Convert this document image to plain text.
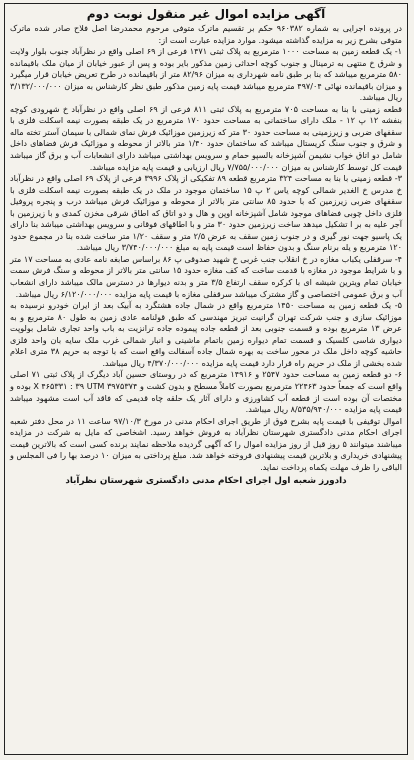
آگهی مزایده اموال غیر منقول نوبت دوم

در پرونده اجرایی به شماره ۹۶۰۳۸۲ حکم بر تقسیم ماترک متوفی مرحوم محمدرضا اصل فلاح صادر شده ماترک متوفی بشرح زیر به مزایده گذاشته میشود. موارد مزایده عبارت است از:

۱- یک قطعه زمین به مساحت ۱۰۰۰ مترمربع به پلاک ثبتی ۱۴۷۱ فرعی از ۶۹ اصلی واقع در نظرآباد جنوب بلوار ولایت و شرق خ منتهی به ترمینال و جنوب کوچه احداثی زمین مذکور بایر بوده و پس از عبور خیابان از میان ملک باقیمانده ۵۸۰ مترمربع میباشد که بنا بر طبق نامه شهرداری به میزان ۸۲/۹۶ متر از باقیمانده در طرح تعریض خیابان قرار میگیرد و میزان باقیمانده نهائی ۴۹۷/۰۴ مترمربع میباشد قیمت پایه زمین مذکور طبق نظر کارشناس به میزان ۳/۱۳۲/۰۰۰/۰۰۰ ریال میباشد.

قطعه زمینی با بنا به مساحت ۷۰۵ مترمربع به پلاک ثبتی ۸۱۱ فرعی از ۶۹ اصلی واقع در نظرآباد خ شهرودی کوچه بنفشه ۱۲ پ ۱۲ - ملک دارای ساختمانی به مساحت حدود ۱۷۰ مترمربع در یک طبقه بصورت نیمه اسکلت فلزی با سقفهای ضربی و زیرزمینی به مساحت حدود ۳۰ متر که زیرزمین موزائیک فرش نمای شمالی با سیمان آستر تخته ماله و شرق و جنوب سنگ کریستال میباشد که ساختمان حدود ۱/۴۰ متر بالاتر از محوطه و موزائیک فرش فضاهای داخل شامل دو اتاق خواب نشیمن آشپزخانه بالسپو حمام و سرویس بهداشتی میباشد دارای انشعابات آب و برق گاز میباشد قیمت کل توسط کارشناس به میزان ۷/۷۵۵/۰۰۰/۰۰۰ ریال ارزیابی و قیمت پایه مزایده میباشد.

۳- قطعه زمینی با بنا به مساحت ۳۲۴ مترمربع قطعه ۸۹ تفکیکی از پلاک ۳۹۹۶ فرعی از پلاک ۶۹ اصلی واقع در نظرآباد خ مدرس خ الغدیر شمالی کوچه یاس ۲ پ ۱۵ ساختمان موجود در ملک در یک طبقه بصورت نیمه اسکلت فلزی با سقفهای ضربی زیرزمین که با حدود ۸۵ سانتی متر بالاتر از محوطه و موزائیک فرش میباشد درب و پنجره پروفیل فلزی داخل چوبی فضاهای موجود شامل آشپزخانه اوپن و هال و دو اتاق که اطاق شرقی مخزن کمدی و با زیرزمین با آجر علیه به بر ا تشکیل میدهد ساخت زیرزمین حدود ۳۰ متر و با اطاقهای فوقانی و سرویس بهداشتی میباشد بنا دارای یک پاسیو جهت نور گیری و در جنوب زمین سقف به عرض ۲/۵ متر و سقف ۱/۲۰ متر ساخت شده بنا در مجموع حدود ۱۲۰ مترمربع و یله برنام سنگ و بدون حفاظ است قیمت پایه به مبلغ ۳/۷۴۰/۰۰۰/۰۰۰ ریال میباشد.

۴- سرقفلی یکباب مغازه در خ انقلاب جنب غربی خ شهید صدوقی پ ۸۶ براساس صابغه نامه عادی به مساحت ۱۷ متر و با شرایط موجود در مغازه با قدمت ساخت که کف مغازه حدود ۱۵ سانتی متر بالاتر از محوطه و سنگ فرش سمت خیابان تمام ویترین شیشه ای با کرکره سقف ارتفاع ۳/۵ متر و بدنه دیوارها در دسترس مالک میباشد دارای انشعاب آب و برق عمومی اختصاصی و گاز مشترک میباشد سرقفلی مغازه با قیمت پایه مزایده ۶/۱۲۰/۰۰۰/۰۰۰ ریال میباشد.

۵- یک قطعه زمین به مساحت ۱۴۵۰ مترمربع واقع در شمال جاده هشتگرد به آبیک بعد از ایران خودرو نرسیده به موزائیک سازی و جنب شرکت تهران گرانیت تبریز مهندسی که طبق قولنامه عادی زمین به طول ۸۰ مترمربع و به عرض ۱۳ مترمربع بوده و قسمت جنوبی بعد از قطعه جاده پیموده جاده ترانزیت به باب واحد تجاری شامل بولوپت دیواری شاسی کلسیک و قسمت تمام دیواره زمین باتمام ماشینی و انبار شمالی غرب ملک سایه بان واحد فلزی حاشیه کوچه داخل ملک در محور ساخت به بهره شمال جاده آسفالت واقع است که با توجه به حریم ۳۸ متری اعلام شده بخشی از ملک در حریم راه قرار دارد قیمت پایه مزایده ۴/۳۷۰/۰۰۰/۰۰۰ ریال میباشد.

۶- دو قطعه زمین به مساحت حدود ۲۵۴۷ و ۱۴۹۱۶ مترمربع که در روستای حسین آباد دیگرک از پلاک ثبتی ۷۱ اصلی واقع است که جمعاً حدود ۲۲۴۶۳ مترمربع بصورت کاملاً مسطح و بدون کشت و ۳۹۷۵۳۷۴ X ۴۶۵۳۳۱ : ۳۹ UTM بوده و مختصات آن بوده است از قطعه آب کشاورزی و دارای آثار یک حلقه چاه قدیمی که فاقد آب است مشهود میباشد قیمت پایه مزایده ۸/۵۳۵/۹۴۰/۰۰۰ ریال میباشد.

اموال توقیفی با قیمت پایه بشرح فوق از طریق اجرای احکام مدنی در مورخ ۹۷/۱۰/۳ ساعت ۱۱ در محل دفتر شعبه اجرای احکام مدنی دادگستری شهرستان نظرآباد به فروش خواهد رسید. اشخاصی که مایل به شرکت در مزایده میباشند میتوانند ۵ روز قبل از روز مزایده اموال را که آگهی گردیده ملاحظه نمایند برنده کسی است که بالاترین قیمت پیشنهادی خریداری و بلاترین قیمت پیشنهادی فروخته خواهد شد. مبلغ پرداختی به میزان ۱۰ درصد بها را فی المجلس و الباقی را ظرف مهلت یکماه پرداخت نماید.

دادورز شعبه اول اجرای احکام مدنی دادگستری شهرستان نظرآباد
